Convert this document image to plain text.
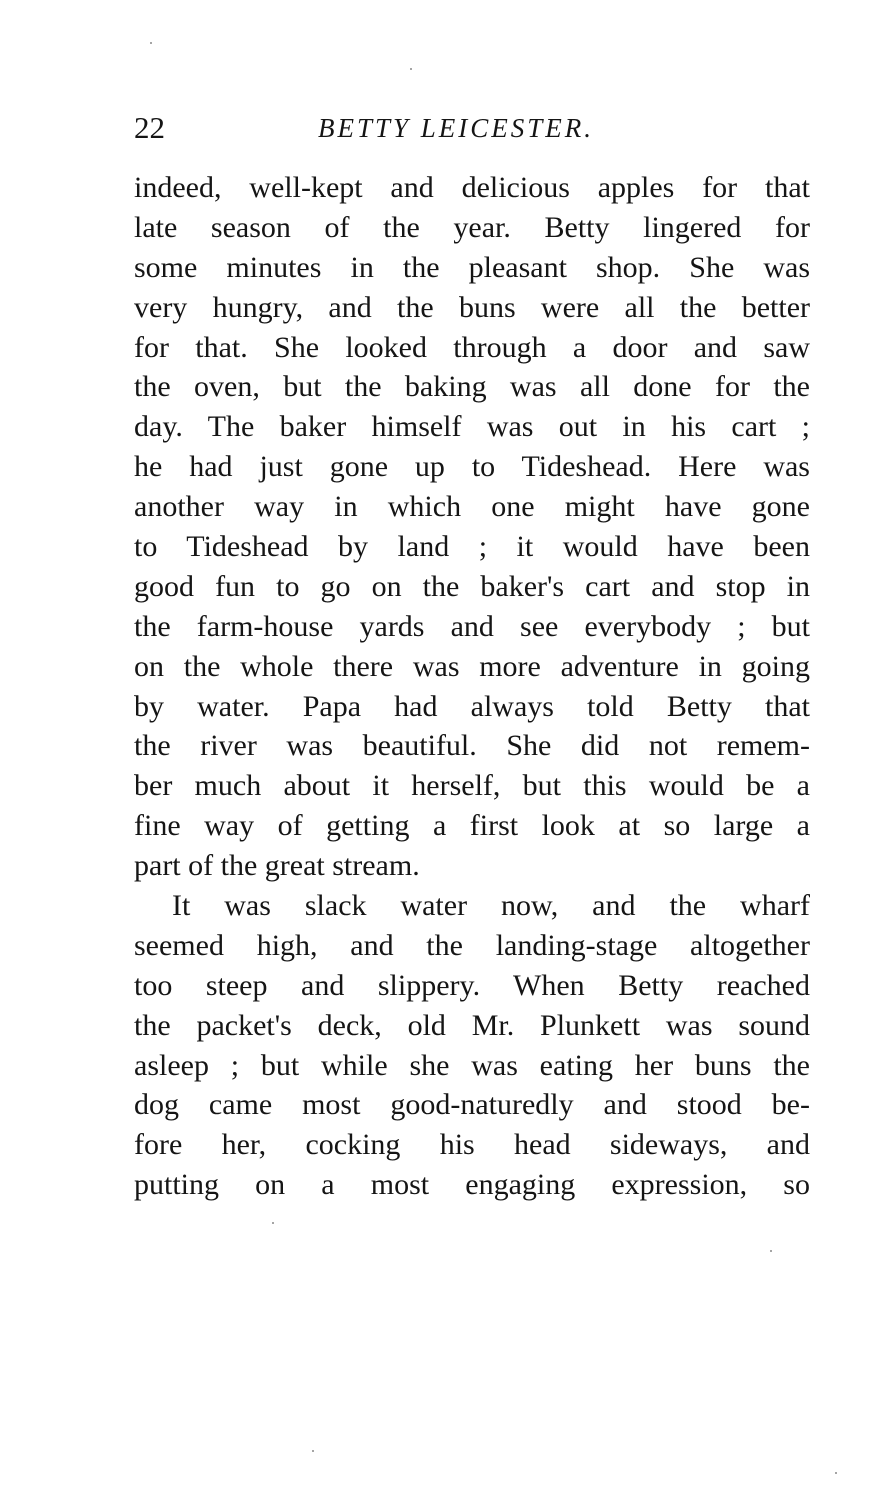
22	BETTY LEICESTER.
indeed, well-kept and delicious apples for that
late season of the year. Betty lingered for
some minutes in the pleasant shop. She was
very hungry, and the buns were all the better
for that. She looked through a door and saw
the oven, but the baking was all done for the
day. The baker himself was out in his cart ;
he had just gone up to Tideshead. Here was
another way in which one might have gone
to Tideshead by land ; it would have been
good fun to go on the baker's cart and stop in
the farm-house yards and see everybody ; but
on the whole there was more adventure in going
by water. Papa had always told Betty that
the river was beautiful. She did not remem-
ber much about it herself, but this would be a
fine way of getting a first look at so large a
part of the great stream.
It was slack water now, and the wharf
seemed high, and the landing-stage altogether
too steep and slippery. When Betty reached
the packet's deck, old Mr. Plunkett was sound
asleep ; but while she was eating her buns the
dog came most good-naturedly and stood be-
fore her, cocking his head sideways, and
putting on a most engaging expression, so
